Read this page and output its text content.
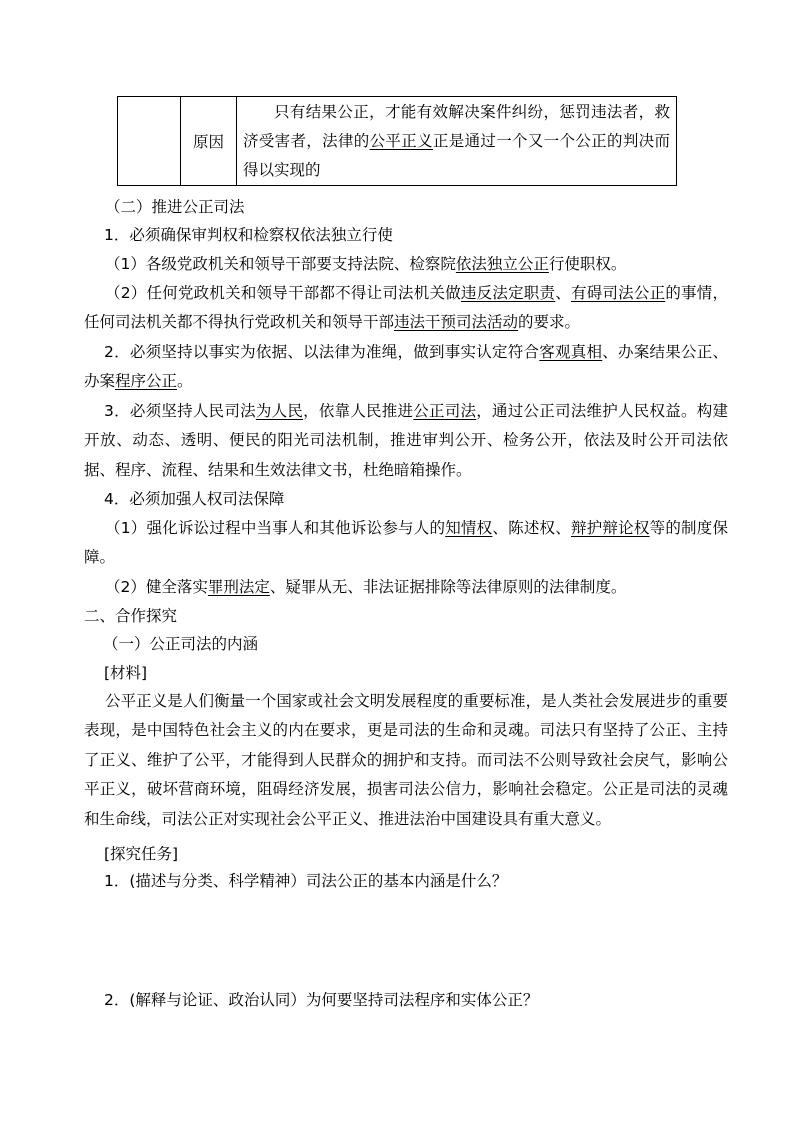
	原因	只有结果公正，才能有效解决案件纠纷，惩罚违法者，救济受害者，法律的公平正义正是通过一个又一个公正的判决而得以实现的
（二）推进公正司法
1．必须确保审判权和检察权依法独立行使
（1）各级党政机关和领导干部要支持法院、检察院依法独立公正行使职权。
（2）任何党政机关和领导干部都不得让司法机关做违反法定职责、有碍司法公正的事情，任何司法机关都不得执行党政机关和领导干部违法干预司法活动的要求。
2．必须坚持以事实为依据、以法律为准绳，做到事实认定符合客观真相、办案结果公正、办案程序公正。
3．必须坚持人民司法为人民，依靠人民推进公正司法，通过公正司法维护人民权益。构建开放、动态、透明、便民的阳光司法机制，推进审判公开、检务公开，依法及时公开司法依据、程序、流程、结果和生效法律文书，杜绝暗箱操作。
4．必须加强人权司法保障
（1）强化诉讼过程中当事人和其他诉讼参与人的知情权、陈述权、辩护辩论权等的制度保障。
（2）健全落实罪刑法定、疑罪从无、非法证据排除等法律原则的法律制度。
二、合作探究
（一）公正司法的内涵
[材料]
公平正义是人们衡量一个国家或社会文明发展程度的重要标准，是人类社会发展进步的重要表现，是中国特色社会主义的内在要求，更是司法的生命和灵魂。司法只有坚持了公正、主持了正义、维护了公平，才能得到人民群众的拥护和支持。而司法不公则导致社会戾气，影响公平正义，破坏营商环境，阻碍经济发展，损害司法公信力，影响社会稳定。公正是司法的灵魂和生命线，司法公正对实现社会公平正义、推进法治中国建设具有重大意义。
[探究任务]
1．(描述与分类、科学精神）司法公正的基本内涵是什么？
2．(解释与论证、政治认同）为何要坚持司法程序和实体公正？
